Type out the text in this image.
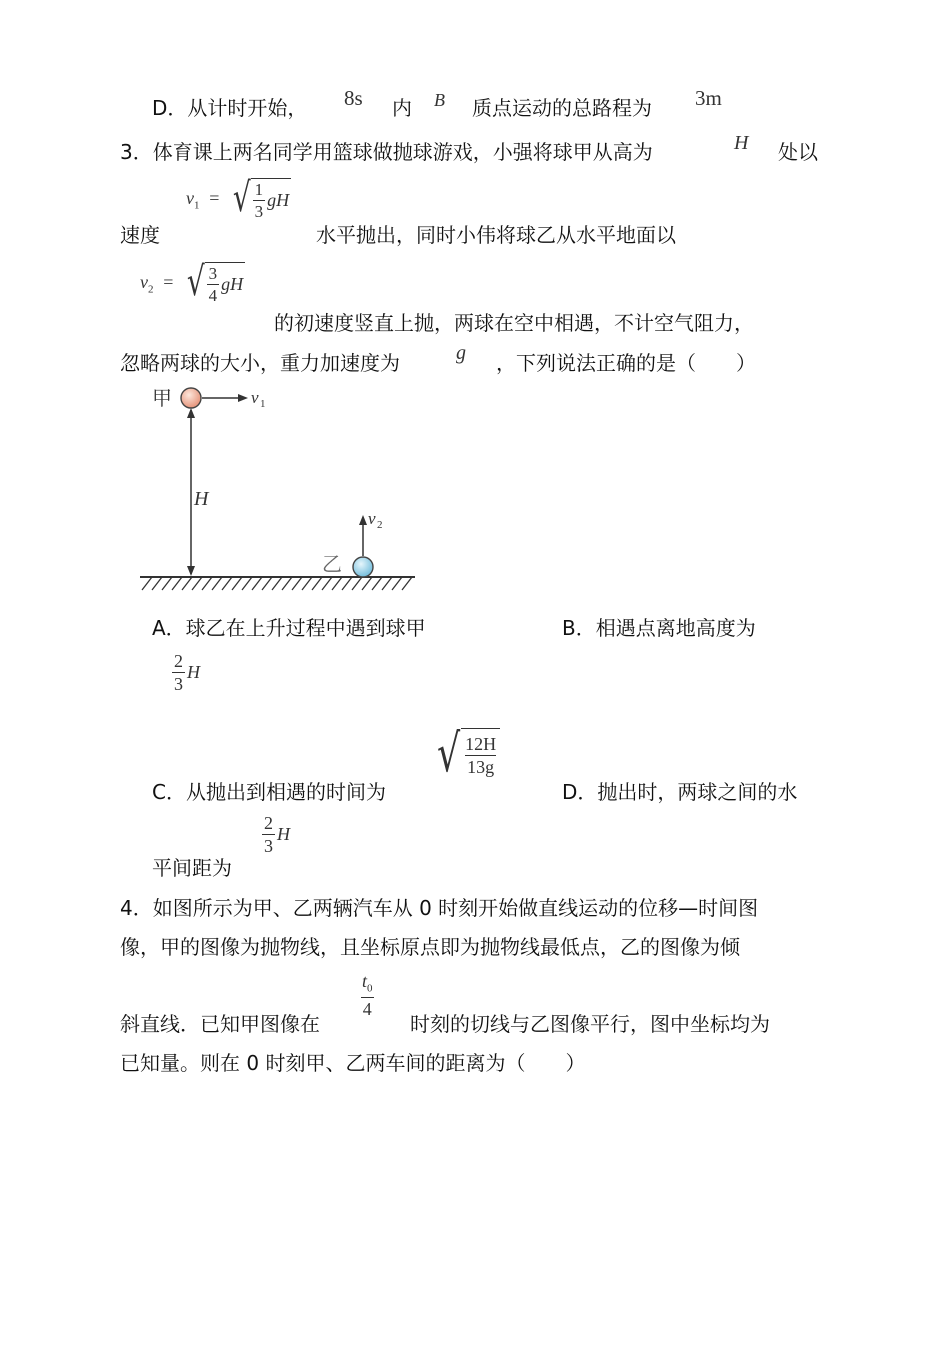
D．从计时开始， 8s 内 B 质点运动的总路程为 3m
3．体育课上两名同学用篮球做抛球游戏，小强将球甲从高为	H 处以
速度
$v_1$ = √ $\frac{1}{3}$ gH
水平抛出，同时小伟将球乙从水平地面以
$v_2$ = √ $\frac{3}{4}$ gH
的初速度竖直上抛，两球在空中相遇，不计空气阻力，
忽略两球的大小，重力加速度为	g ，下列说法正确的是（　　）
H
甲	v 1
乙
v 2
A．球乙在上升过程中遇到球甲	B．相遇点离地高度为
$\frac{2}{3}$ H
C．从抛出到相遇的时间为
√ $\frac{12H}{13g}$
D．抛出时，两球之间的水
平间距为
$\frac{2}{3}$ H
4．如图所示为甲、乙两辆汽车从 0 时刻开始做直线运动的位移—时间图
像，甲的图像为抛物线，且坐标原点即为抛物线最低点，乙的图像为倾
斜直线．已知甲图像在
$\frac{t_0}{4}$
时刻的切线与乙图像平行，图中坐标均为
已知量。则在 0 时刻甲、乙两车间的距离为（　　）
